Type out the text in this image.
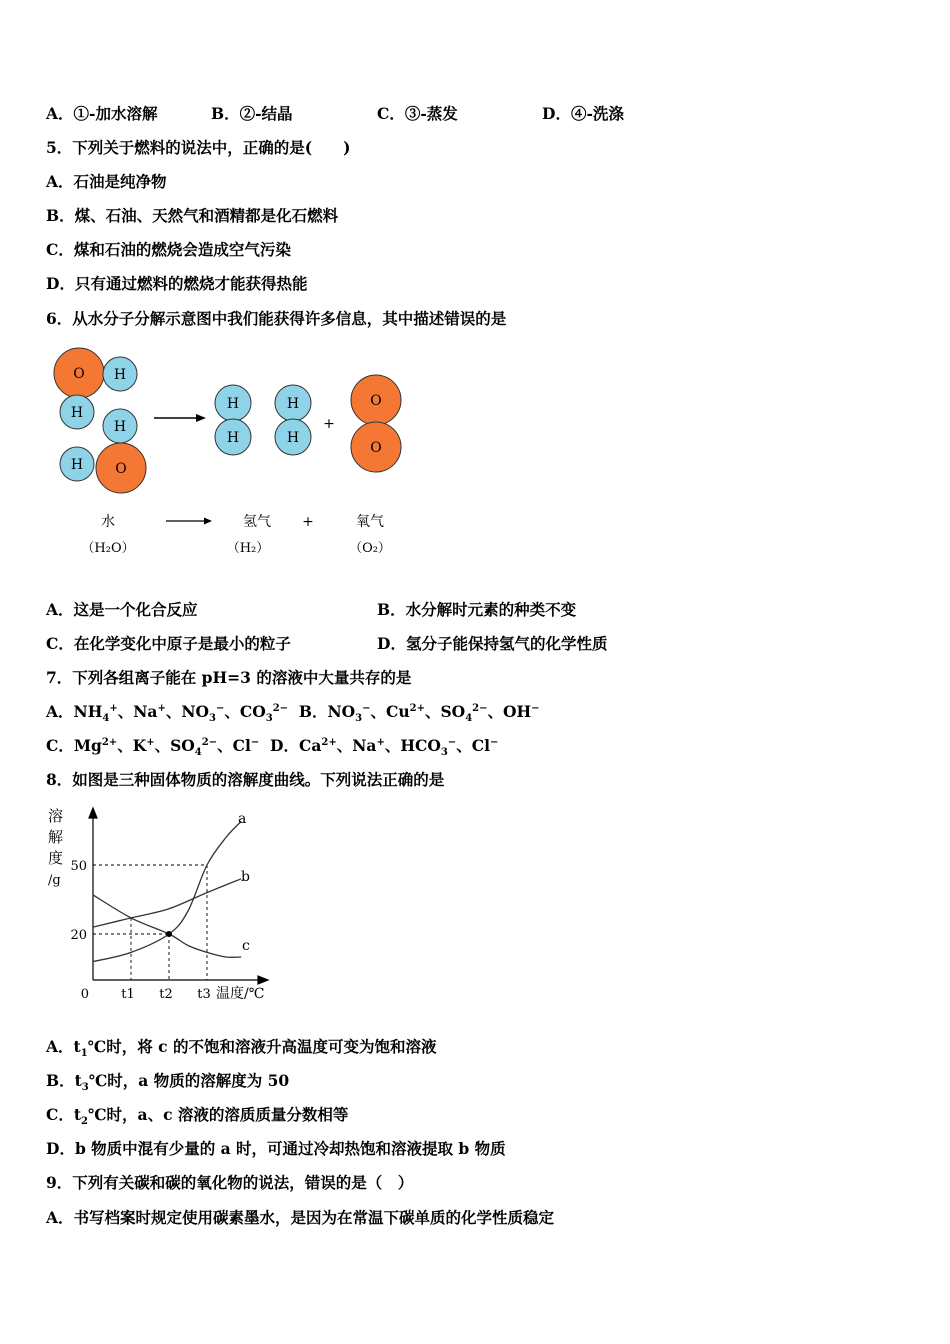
A．①-加水溶解	B．②-结晶	C．③-蒸发	D．④-洗涤
5．下列关于燃料的说法中，正确的是(　　)
A．石油是纯净物
B．煤、石油、天然气和酒精都是化石燃料
C．煤和石油的燃烧会造成空气污染
D．只有通过燃料的燃烧才能获得热能
6．从水分子分解示意图中我们能获得许多信息，其中描述错误的是
O H
H
H
H O
H
H
H
H
+
O
O
水	氢气 +	氧气
（H₂O）	（H₂）	（O₂）
A．这是一个化合反应	B．水分解时元素的种类不变
C．在化学变化中原子是最小的粒子	D．氢分子能保持氢气的化学性质
7．下列各组离子能在 pH=3 的溶液中大量共存的是
A．$NH_4^+$、Na+、$NO_3^-$、$CO_3^{2-}$ B．$NO_3^-$、$Cu^{2+}$、$SO_4^{2-}$、OH−
C．$Mg^{2+}$、K+、$SO_4^{2-}$、Cl− D．$Ca^{2+}$、Na+、$HCO_3^-$、Cl−
8．如图是三种固体物质的溶解度曲线。下列说法正确的是
溶
解
度
/g
0	温度/℃
20
50
t1 t2 t3
a
b
c
A．$t_1℃$时，将 c 的不饱和溶液升高温度可变为饱和溶液
B．$t_3℃$时，a 物质的溶解度为 50
C．$t_2℃$时，a、c 溶液的溶质质量分数相等
D．b 物质中混有少量的 a 时，可通过冷却热饱和溶液提取 b 物质
9．下列有关碳和碳的氧化物的说法，错误的是（　）
A．书写档案时规定使用碳素墨水，是因为在常温下碳单质的化学性质稳定
